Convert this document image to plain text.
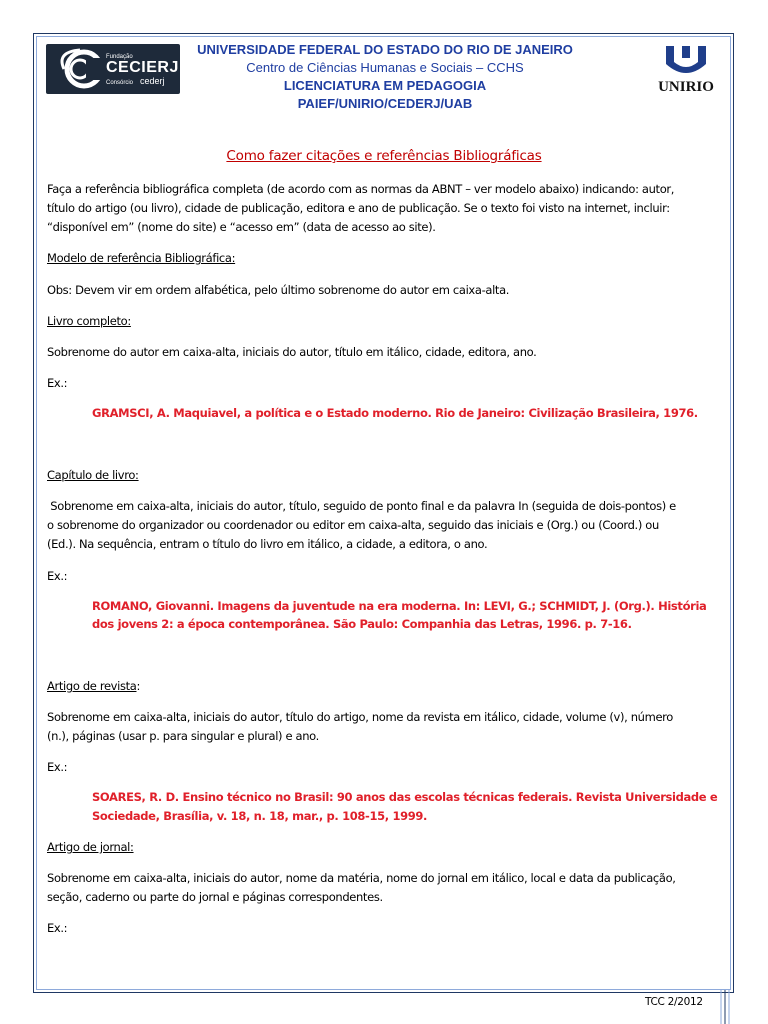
Fundação
CECIERJ
Consórcio cederj	UNIRIO
UNIVERSIDADE FEDERAL DO ESTADO DO RIO DE JANEIRO
Centro de Ciências Humanas e Sociais – CCHS
LICENCIATURA EM PEDAGOGIA
PAIEF/UNIRIO/CEDERJ/UAB
Como fazer citações e referências Bibliográficas
Faça a referência bibliográfica completa (de acordo com as normas da ABNT – ver modelo abaixo) indicando: autor,
título do artigo (ou livro), cidade de publicação, editora e ano de publicação. Se o texto foi visto na internet, incluir:
“disponível em” (nome do site) e “acesso em” (data de acesso ao site).
Modelo de referência Bibliográfica:
Obs: Devem vir em ordem alfabética, pelo último sobrenome do autor em caixa-alta.
Livro completo:
Sobrenome do autor em caixa-alta, iniciais do autor, título em itálico, cidade, editora, ano.
Ex.:
GRAMSCI, A. Maquiavel, a política e o Estado moderno. Rio de Janeiro: Civilização Brasileira, 1976.
Capítulo de livro:
Sobrenome em caixa-alta, iniciais do autor, título, seguido de ponto final e da palavra In (seguida de dois-pontos) e
o sobrenome do organizador ou coordenador ou editor em caixa-alta, seguido das iniciais e (Org.) ou (Coord.) ou
(Ed.). Na sequência, entram o título do livro em itálico, a cidade, a editora, o ano.
Ex.:
ROMANO, Giovanni. Imagens da juventude na era moderna. In: LEVI, G.; SCHMIDT, J. (Org.). História
dos jovens 2: a época contemporânea. São Paulo: Companhia das Letras, 1996. p. 7-16.
Artigo de revista:
Sobrenome em caixa-alta, iniciais do autor, título do artigo, nome da revista em itálico, cidade, volume (v), número
(n.), páginas (usar p. para singular e plural) e ano.
Ex.:
SOARES, R. D. Ensino técnico no Brasil: 90 anos das escolas técnicas federais. Revista Universidade e
Sociedade, Brasília, v. 18, n. 18, mar., p. 108-15, 1999.
Artigo de jornal:
Sobrenome em caixa-alta, iniciais do autor, nome da matéria, nome do jornal em itálico, local e data da publicação,
seção, caderno ou parte do jornal e páginas correspondentes.
Ex.:
TCC 2/2012
